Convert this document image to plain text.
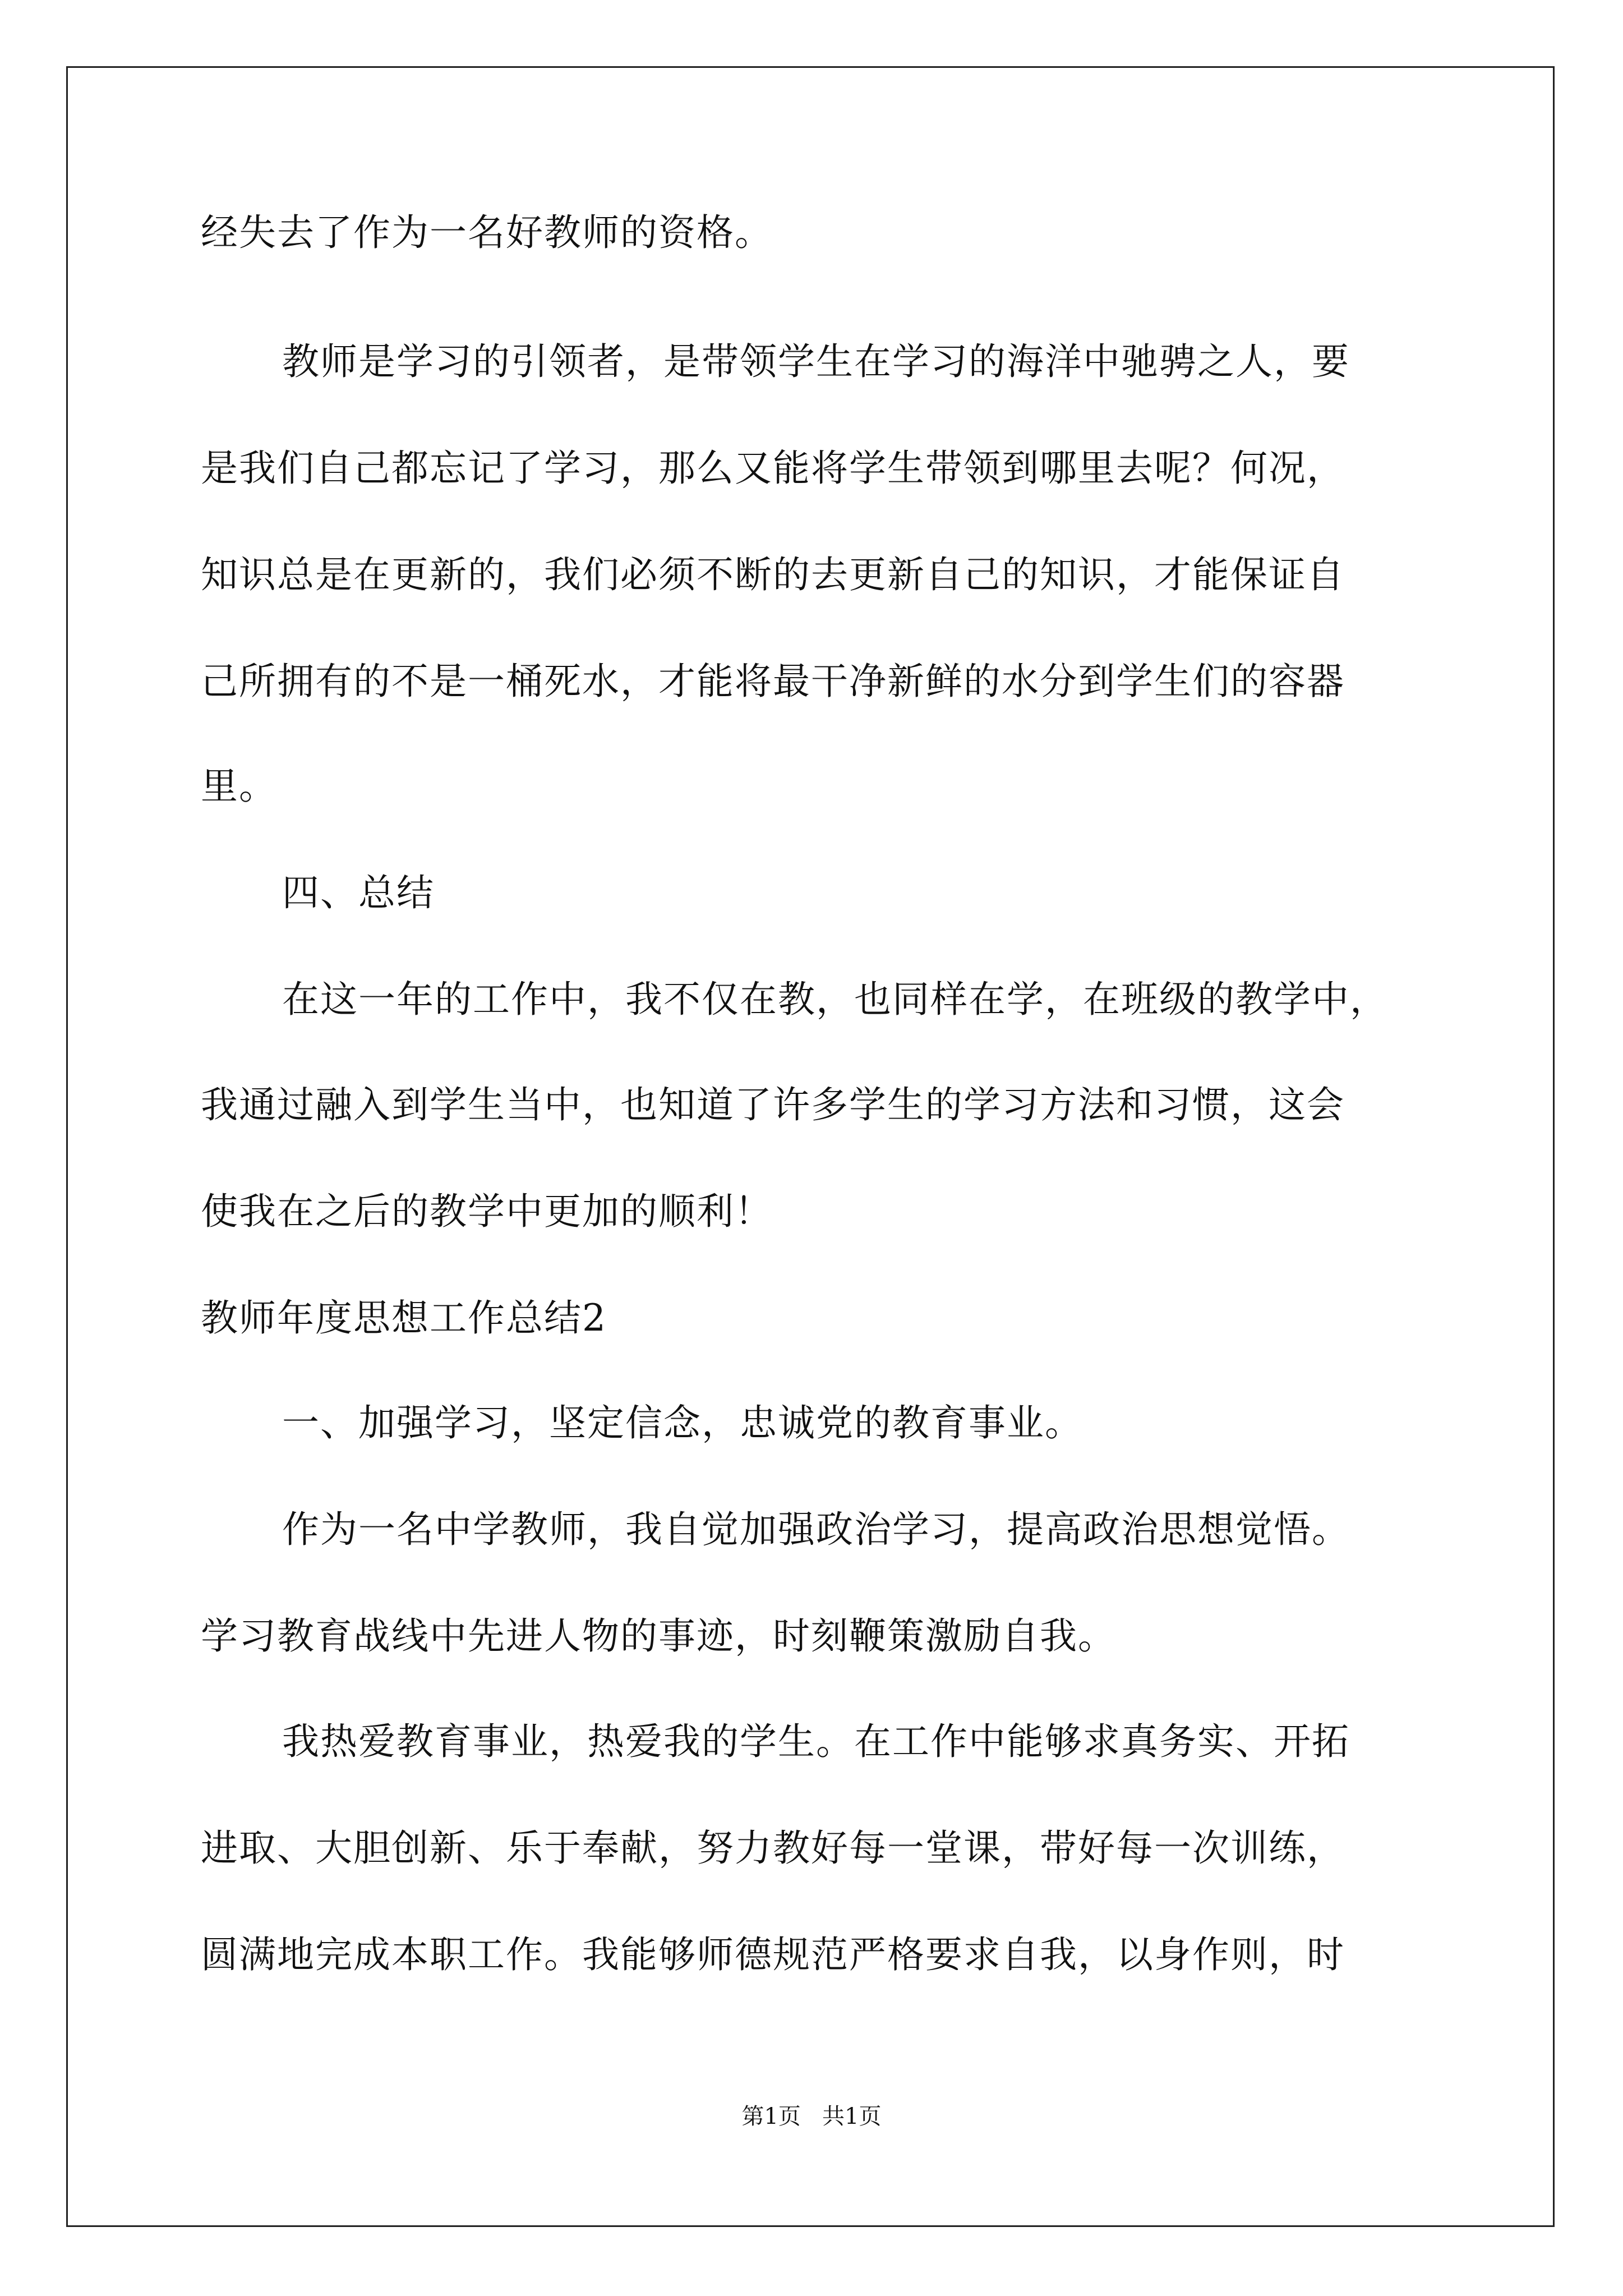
经失去了作为一名好教师的资格。
教师是学习的引领者，是带领学生在学习的海洋中驰骋之人，要
是我们自己都忘记了学习，那么又能将学生带领到哪里去呢？何况，
知识总是在更新的，我们必须不断的去更新自己的知识，才能保证自
己所拥有的不是一桶死水，才能将最干净新鲜的水分到学生们的容器
里。
四、总结
在这一年的工作中，我不仅在教，也同样在学，在班级的教学中，
我通过融入到学生当中，也知道了许多学生的学习方法和习惯，这会
使我在之后的教学中更加的顺利！
教师年度思想工作总结2
一、加强学习，坚定信念，忠诚党的教育事业。
作为一名中学教师，我自觉加强政治学习，提高政治思想觉悟。
学习教育战线中先进人物的事迹，时刻鞭策激励自我。
我热爱教育事业，热爱我的学生。在工作中能够求真务实、开拓
进取、大胆创新、乐于奉献，努力教好每一堂课，带好每一次训练，
圆满地完成本职工作。我能够师德规范严格要求自我，以身作则，时
第1页   共1页
